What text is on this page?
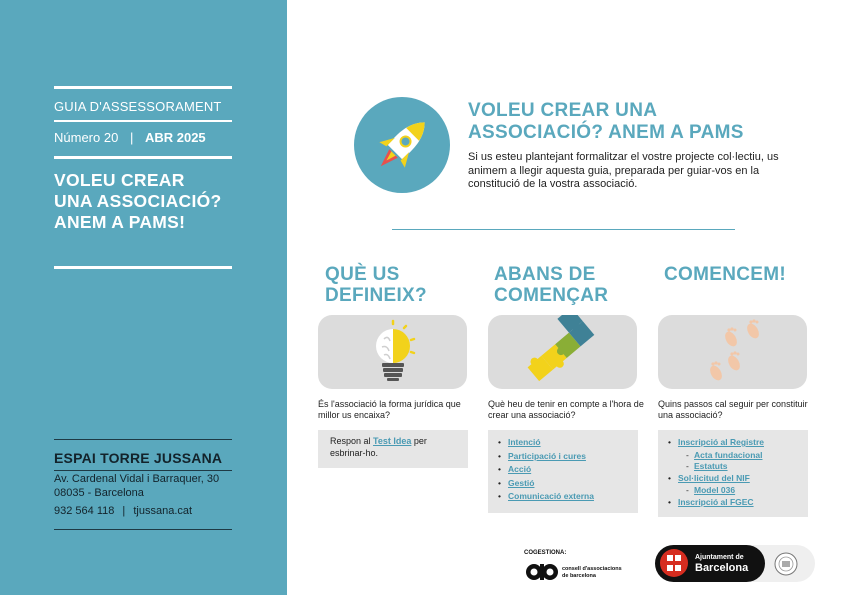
GUIA D'ASSESSORAMENT
Número 20 | ABR 2025
VOLEU CREAR
UNA ASSOCIACIÓ?
ANEM A PAMS!
ESPAI TORRE JUSSANA
Av. Cardenal Vidal i Barraquer, 30
08035 - Barcelona
932 564 118 | tjussana.cat
VOLEU CREAR UNA
ASSOCIACIÓ? ANEM A PAMS
Si us esteu plantejant formalitzar el vostre projecte col·lectiu, us animem a llegir aquesta guia, preparada per guiar-vos en la constitució de la vostra associació.
QUÈ US
DEFINEIX?
És l'associació la forma jurídica que millor us encaixa?

Respon al Test Idea per esbrinar-ho.

ABANS DE
COMENÇAR
Què heu de tenir en compte a l'hora de crear una associació?
• Intenció
• Participació i cures
• Acció
• Gestió
• Comunicació externa
COMENCEM!
Quins passos cal seguir per constituir una associació?
• Inscripció al Registre
- Acta fundacional
- Estatuts
• Sol·licitud del NIF
- Model 036
• Inscripció al FGEC
COGESTIONA:
consell d'associacions
de barcelona
Ajuntament de
Barcelona
